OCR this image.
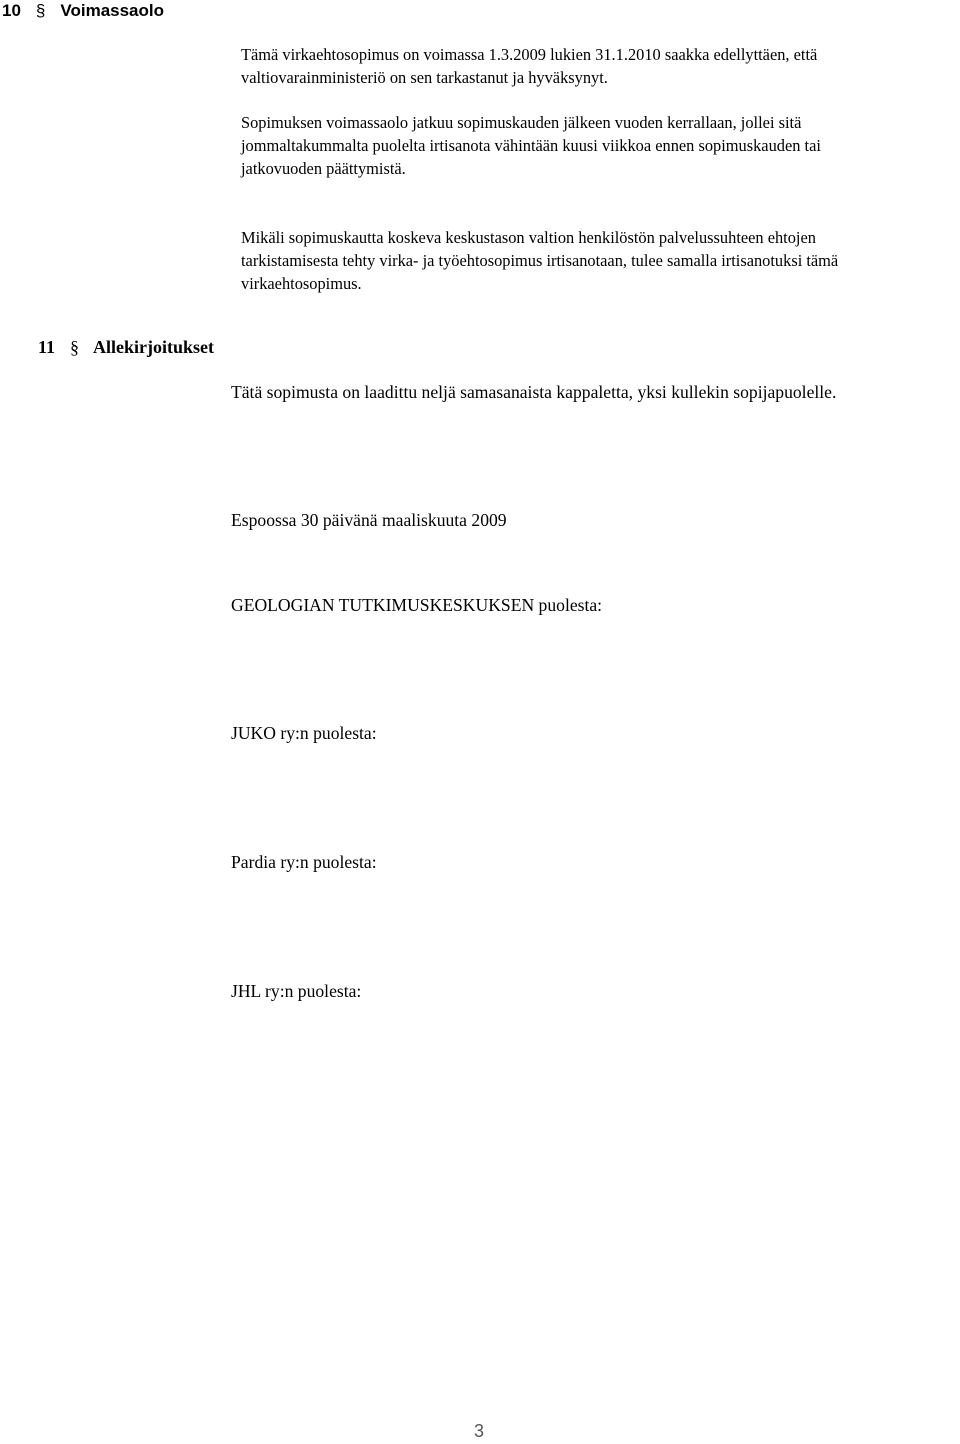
10 § Voimassaolo
Tämä virkaehtosopimus on voimassa 1.3.2009 lukien 31.1.2010 saakka edellyttäen, että
valtiovarainministeriö on sen tarkastanut ja hyväksynyt.
Sopimuksen voimassaolo jatkuu sopimuskauden jälkeen vuoden kerrallaan, jollei sitä
jommaltakummalta puolelta irtisanota vähintään kuusi viikkoa ennen sopimuskauden tai
jatkovuoden päättymistä.
Mikäli sopimuskautta koskeva keskustason valtion henkilöstön palvelussuhteen ehtojen
tarkistamisesta tehty virka- ja työehtosopimus irtisanotaan, tulee samalla irtisanotuksi tämä
virkaehtosopimus.
11 § Allekirjoitukset
Tätä sopimusta on laadittu neljä samasanaista kappaletta, yksi kullekin sopijapuolelle.
Espoossa 30 päivänä maaliskuuta 2009
GEOLOGIAN TUTKIMUSKESKUKSEN puolesta:
JUKO ry:n puolesta:
Pardia ry:n puolesta:
JHL ry:n puolesta:
3
